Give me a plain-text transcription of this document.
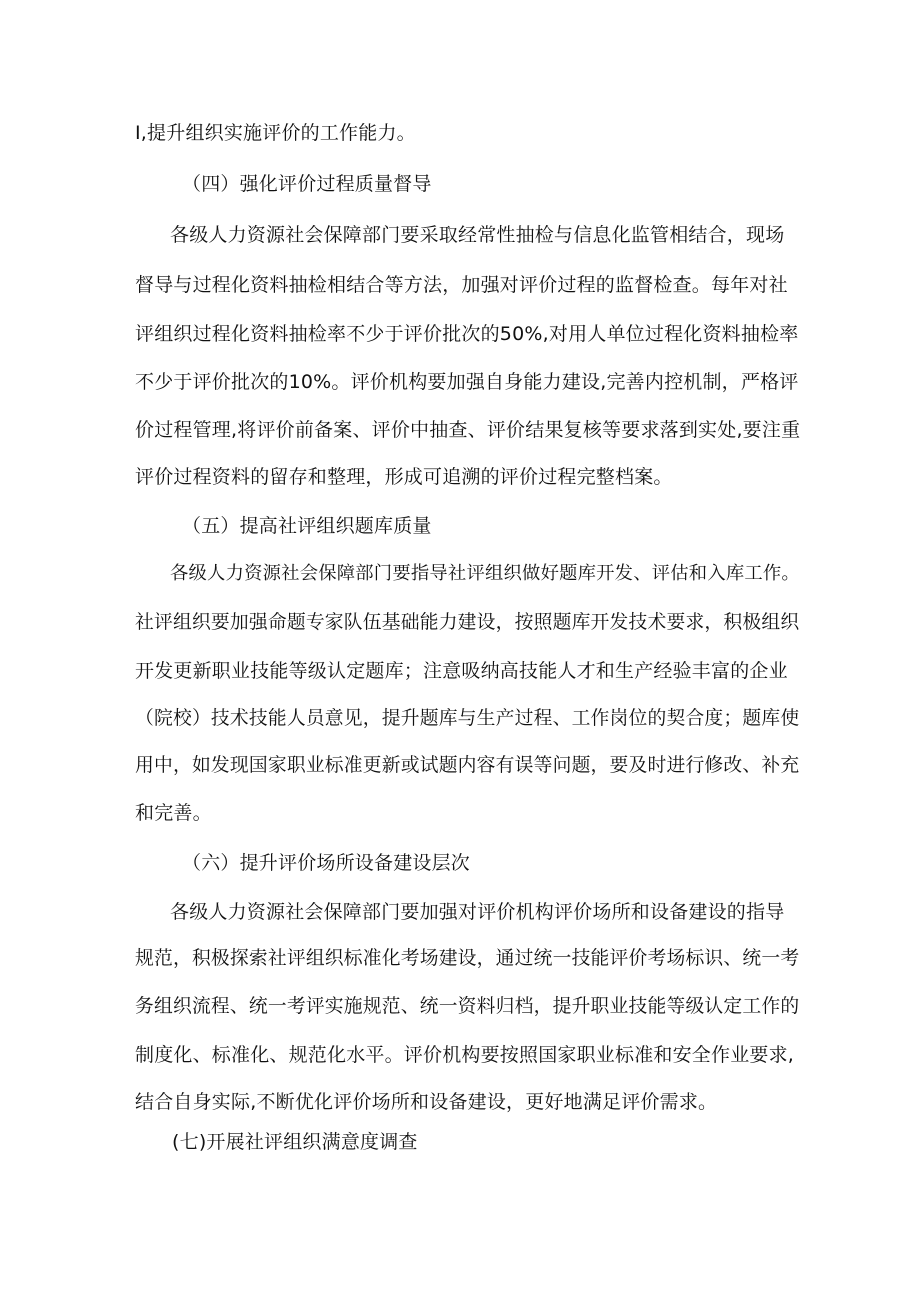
I,提升组织实施评价的工作能力。
（四）强化评价过程质量督导
各级人力资源社会保障部门要采取经常性抽检与信息化监管相结合，现场
督导与过程化资料抽检相结合等方法，加强对评价过程的监督检查。每年对社
评组织过程化资料抽检率不少于评价批次的50%,对用人单位过程化资料抽检率
不少于评价批次的10%。评价机构要加强自身能力建设,完善内控机制，严格评
价过程管理,将评价前备案、评价中抽查、评价结果复核等要求落到实处,要注重
评价过程资料的留存和整理，形成可追溯的评价过程完整档案。
（五）提高社评组织题库质量
各级人力资源社会保障部门要指导社评组织做好题库开发、评估和入库工作。
社评组织要加强命题专家队伍基础能力建设，按照题库开发技术要求，积极组织
开发更新职业技能等级认定题库；注意吸纳高技能人才和生产经验丰富的企业
（院校）技术技能人员意见，提升题库与生产过程、工作岗位的契合度；题库使
用中，如发现国家职业标准更新或试题内容有误等问题，要及时进行修改、补充
和完善。
（六）提升评价场所设备建设层次
各级人力资源社会保障部门要加强对评价机构评价场所和设备建设的指导
规范，积极探索社评组织标准化考场建设，通过统一技能评价考场标识、统一考
务组织流程、统一考评实施规范、统一资料归档，提升职业技能等级认定工作的
制度化、标准化、规范化水平。评价机构要按照国家职业标准和安全作业要求,
结合自身实际,不断优化评价场所和设备建设，更好地满足评价需求。
(七)开展社评组织满意度调查
